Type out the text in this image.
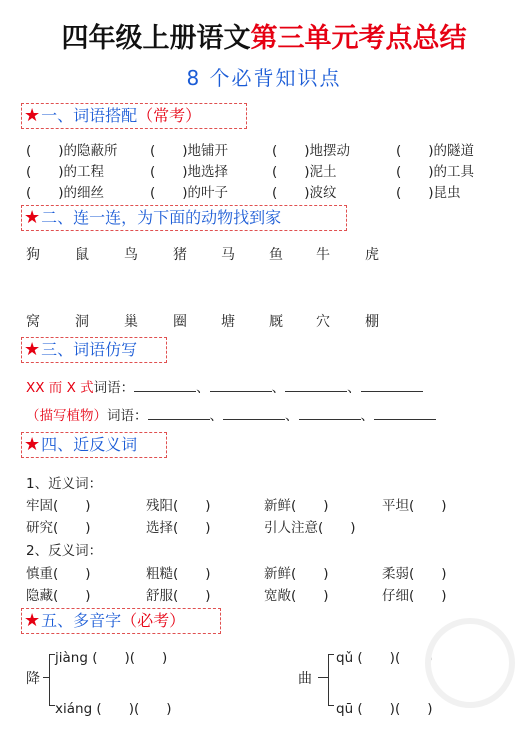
四年级上册语文第三单元考点总结
8 个必背知识点
★一、词语搭配（常考）
(　　)的隐蔽所 (　　)地铺开	(　　)地摆动	(　　)的隧道
(　　)的工程	(　　)地选择	(　　)泥土	(　　)的工具
(　　)的细丝	(　　)的叶子	(　　)波纹	(　　)昆虫
★二、连一连，为下面的动物找到家
狗	鼠	鸟	猪 马 鱼 牛	虎
窝	洞	巢	圈 塘 厩 穴	棚
★三、词语仿写
XX 而 X 式词语：	、	、	、
（描写植物）词语：	、	、	、
★四、近反义词
1、近义词：
牢固(　　)	残阳(　　)	新鲜(　　)	平坦(　　)
研究(　　)	选择(　　)	引人注意(　　)
2、反义词：
慎重(　　)	粗糙(　　)	新鲜(　　)	柔弱(　　)
隐藏(　　)	舒服(　　)	宽敞(　　)	仔细(　　)
★五、多音字（必考）
降
jiàng (　　)(　　)
xiáng (　　)(　　)
曲
qǔ (　　)(　　)
qū (　　)(　　)
